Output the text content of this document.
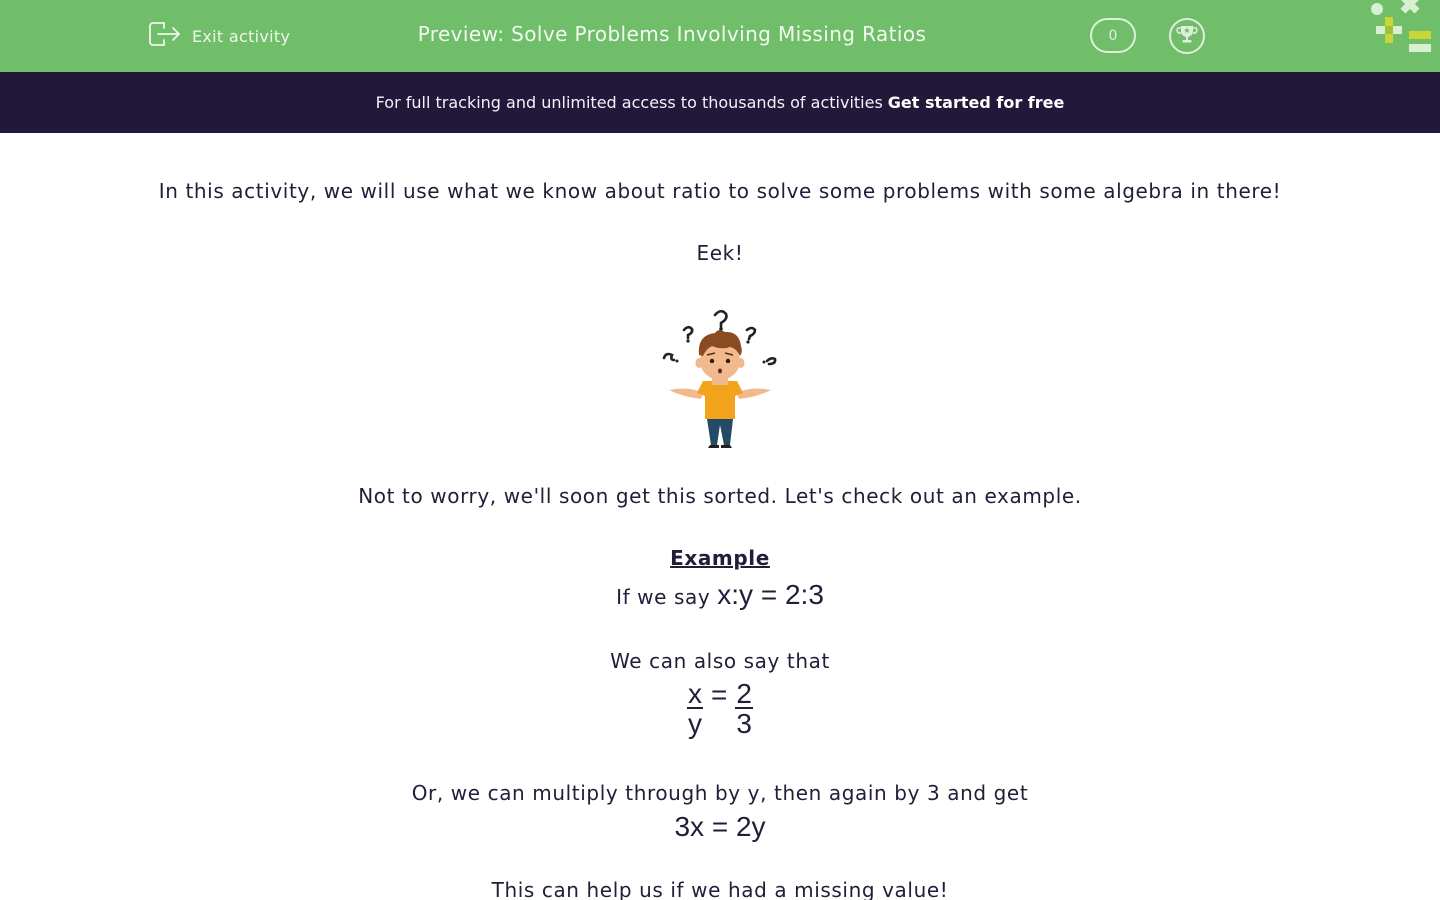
Exit activity	Preview: Solve Problems Involving Missing Ratios	0
For full tracking and unlimited access to thousands of activities Get started for free
In this activity, we will use what we know about ratio to solve some problems with some algebra in there!
Eek!
Not to worry, we'll soon get this sorted. Let's check out an example.
Example
If we say x:y = 2:3
We can also say that
$\frac{x}{y} = \frac{2}{3}$
Or, we can multiply through by y, then again by 3 and get
3x = 2y
This can help us if we had a missing value!
